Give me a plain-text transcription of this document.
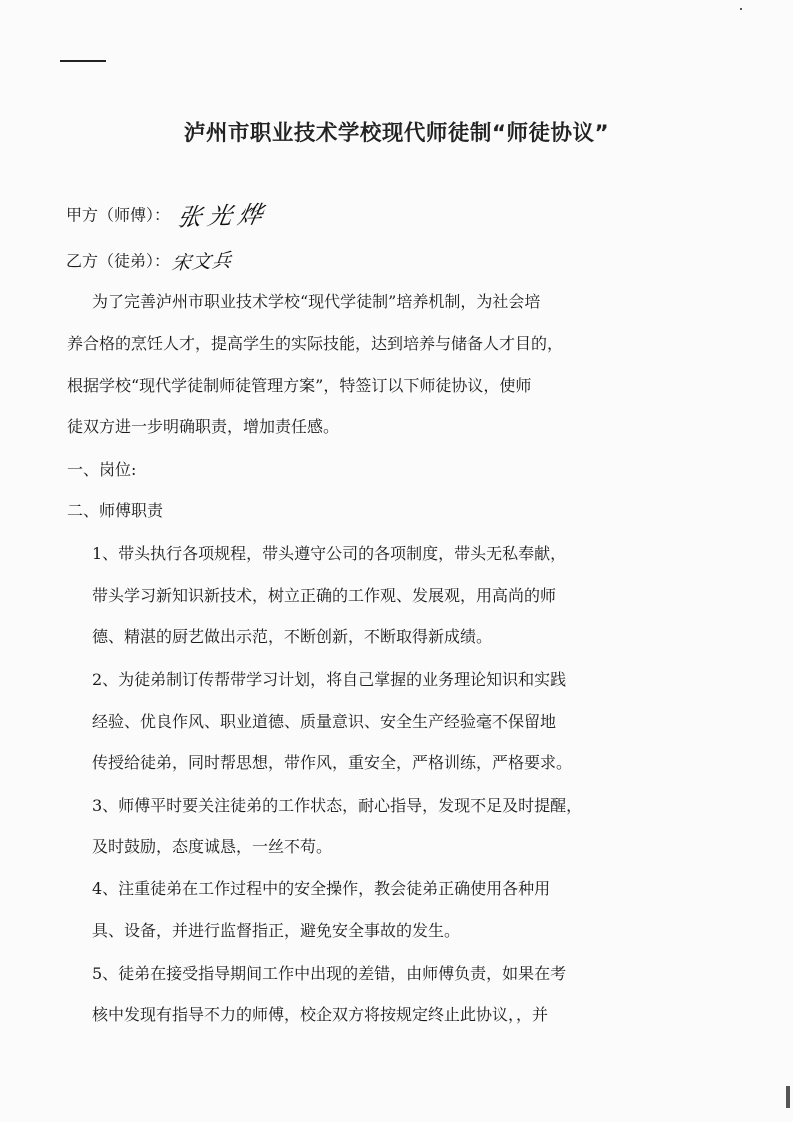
泸州市职业技术学校现代师徒制“师徒协议”
甲方（师傅）： 张光烨
乙方（徒弟）：宋文兵
为了完善泸州市职业技术学校“现代学徒制”培养机制，为社会培
养合格的烹饪人才，提高学生的实际技能，达到培养与储备人才目的，
根据学校“现代学徒制师徒管理方案”，特签订以下师徒协议，使师
徒双方进一步明确职责，增加责任感。
一、岗位:
二、师傅职责
1、带头执行各项规程，带头遵守公司的各项制度，带头无私奉献，
带头学习新知识新技术，树立正确的工作观、发展观，用高尚的师
德、精湛的厨艺做出示范，不断创新，不断取得新成绩。
2、为徒弟制订传帮带学习计划，将自己掌握的业务理论知识和实践
经验、优良作风、职业道德、质量意识、安全生产经验毫不保留地
传授给徒弟，同时帮思想，带作风，重安全，严格训练，严格要求。
3、师傅平时要关注徒弟的工作状态，耐心指导，发现不足及时提醒，
及时鼓励，态度诚恳，一丝不苟。
4、注重徒弟在工作过程中的安全操作，教会徒弟正确使用各种用
具、设备，并进行监督指正，避免安全事故的发生。
5、徒弟在接受指导期间工作中出现的差错，由师傅负责，如果在考
核中发现有指导不力的师傅，校企双方将按规定终止此协议，，并
